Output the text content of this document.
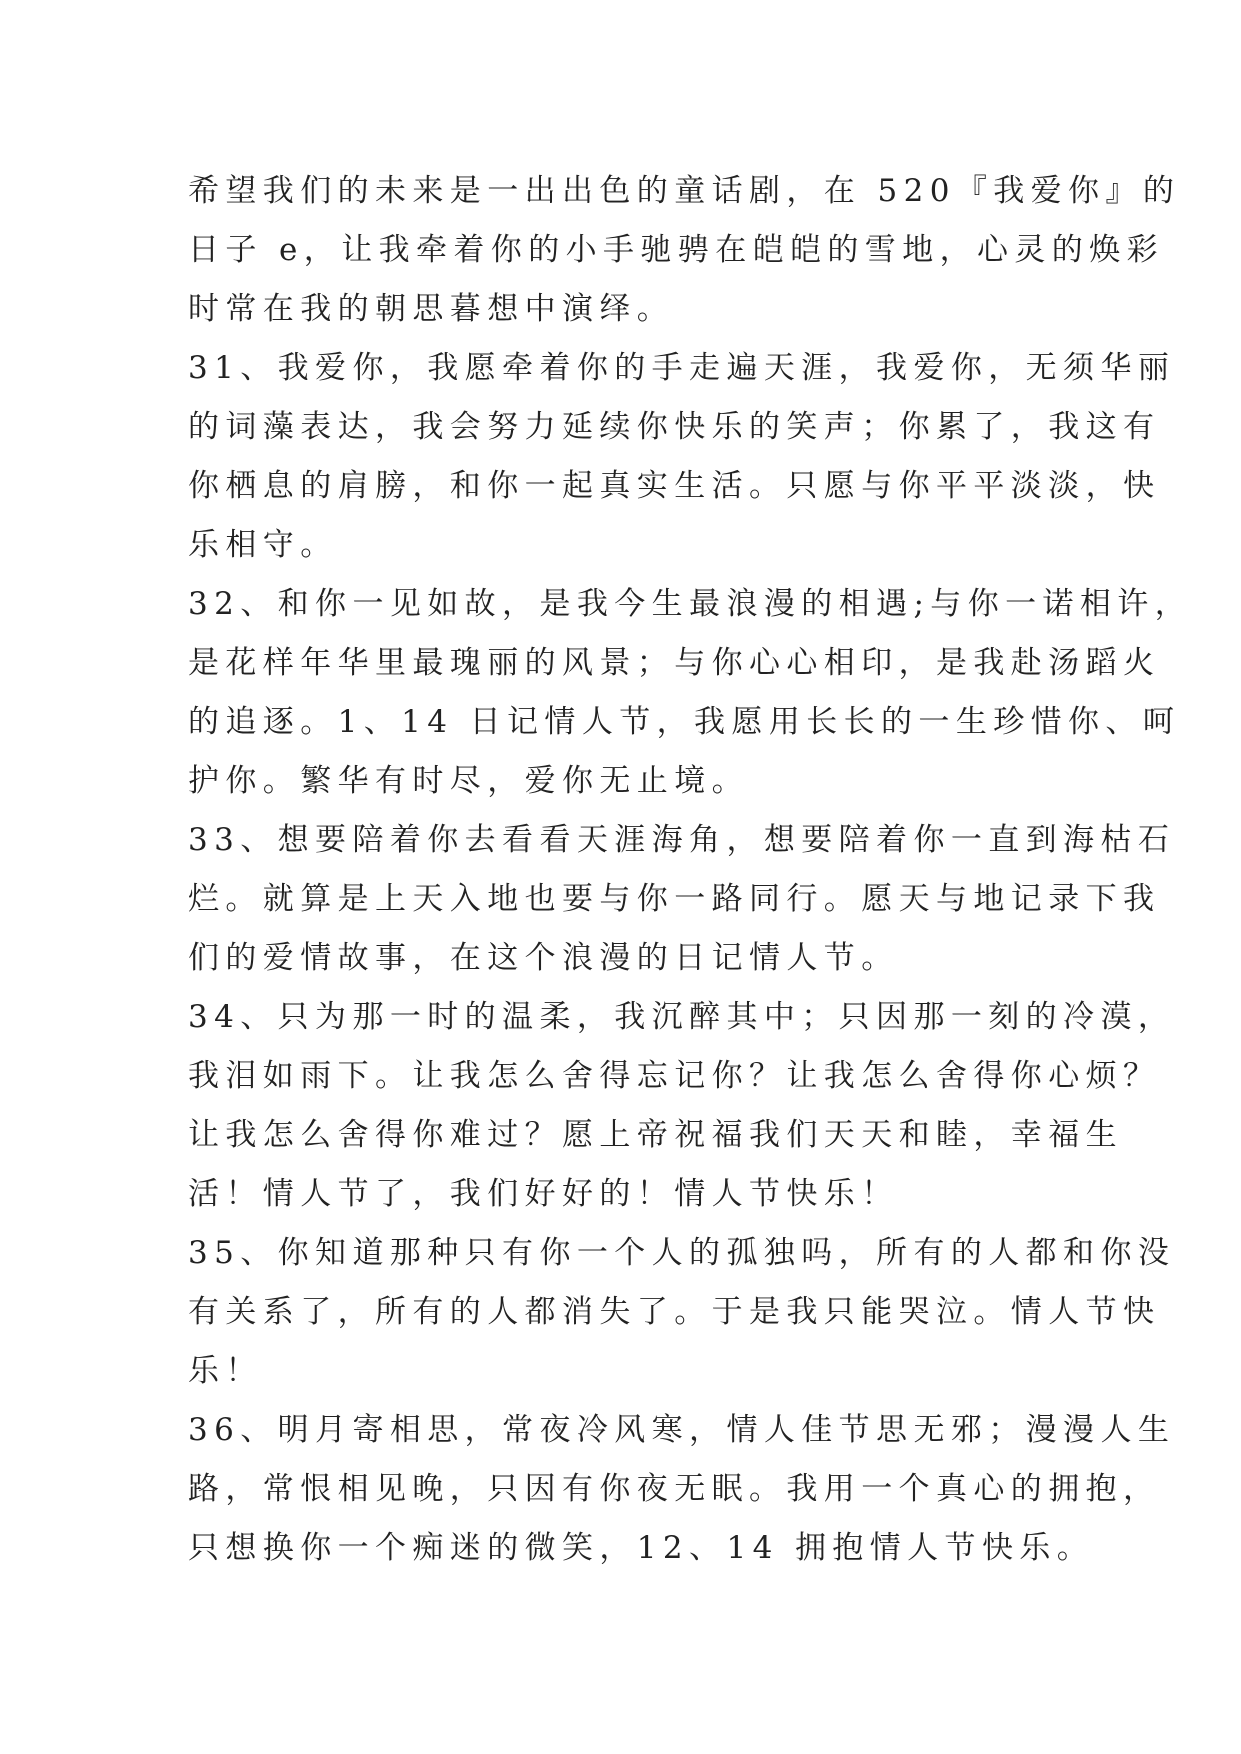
希望我们的未来是一出出色的童话剧，在 520『我爱你』的
日子 e，让我牵着你的小手驰骋在皑皑的雪地，心灵的焕彩
时常在我的朝思暮想中演绎。
31、我爱你，我愿牵着你的手走遍天涯，我爱你，无须华丽
的词藻表达，我会努力延续你快乐的笑声；你累了，我这有
你栖息的肩膀，和你一起真实生活。只愿与你平平淡淡，快
乐相守。
32、和你一见如故，是我今生最浪漫的相遇;与你一诺相许，
是花样年华里最瑰丽的风景；与你心心相印，是我赴汤蹈火
的追逐。1、14 日记情人节，我愿用长长的一生珍惜你、呵
护你。繁华有时尽，爱你无止境。
33、想要陪着你去看看天涯海角，想要陪着你一直到海枯石
烂。就算是上天入地也要与你一路同行。愿天与地记录下我
们的爱情故事，在这个浪漫的日记情人节。
34、只为那一时的温柔，我沉醉其中；只因那一刻的冷漠，
我泪如雨下。让我怎么舍得忘记你？让我怎么舍得你心烦？
让我怎么舍得你难过？愿上帝祝福我们天天和睦，幸福生
活！情人节了，我们好好的！情人节快乐！
35、你知道那种只有你一个人的孤独吗，所有的人都和你没
有关系了，所有的人都消失了。于是我只能哭泣。情人节快
乐！
36、明月寄相思，常夜冷风寒，情人佳节思无邪；漫漫人生
路，常恨相见晚，只因有你夜无眠。我用一个真心的拥抱，
只想换你一个痴迷的微笑，12、14 拥抱情人节快乐。
